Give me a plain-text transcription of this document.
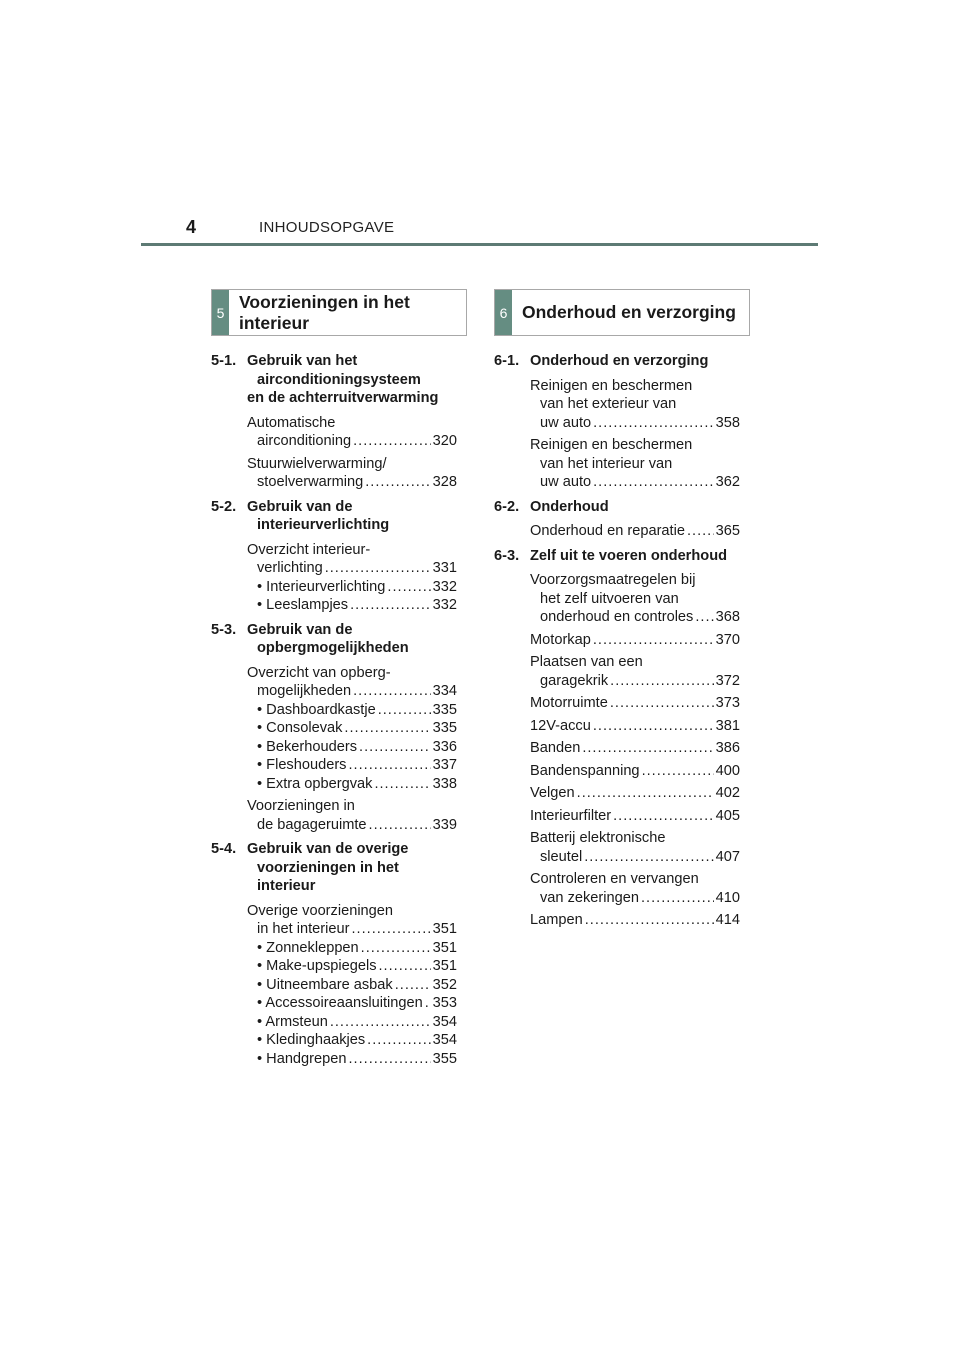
4	INHOUDSOPGAVE
5
Voorzieningen in het
interieur	6 Onderhoud en verzorging
5-1. Gebruik van het
airconditioningsysteem
en de achterruitverwarming
Automatische
airconditioning .....	320
Stuurwielverwarming/
stoelverwarming .....	328
5-2. Gebruik van de
interieurverlichting
Overzicht interieur-
verlichting .....	331
• Interieurverlichting .....	332
• Leeslampjes .....	332
5-3. Gebruik van de
opbergmogelijkheden
Overzicht van opberg-
mogelijkheden .....	334
• Dashboardkastje .....	335
• Consolevak .....	335
• Bekerhouders .....	336
• Fleshouders .....	337
• Extra opbergvak .....	338
Voorzieningen in
de bagageruimte .....	339
5-4. Gebruik van de overige
voorzieningen in het
interieur
Overige voorzieningen
in het interieur .....	351
• Zonnekleppen .....	351
• Make-upspiegels .....	351
• Uitneembare asbak .....	352
• Accessoireaansluitingen ..... 353
• Armsteun .....	354
• Kledinghaakjes .....	354
• Handgrepen .....	355
6-1. Onderhoud en verzorging
Reinigen en beschermen
van het exterieur van
uw auto .....	358
Reinigen en beschermen
van het interieur van
uw auto .....	362
6-2. Onderhoud
Onderhoud en reparatie ..... 365
6-3. Zelf uit te voeren onderhoud
Voorzorgsmaatregelen bij
het zelf uitvoeren van
onderhoud en controles ..... 368
Motorkap .....	370
Plaatsen van een
garagekrik .....	372
Motorruimte .....	373
12V-accu .....	381
Banden .....	386
Bandenspanning .....	400
Velgen .....	402
Interieurfilter .....	405
Batterij elektronische
sleutel .....	407
Controleren en vervangen
van zekeringen .....	410
Lampen .....	414
